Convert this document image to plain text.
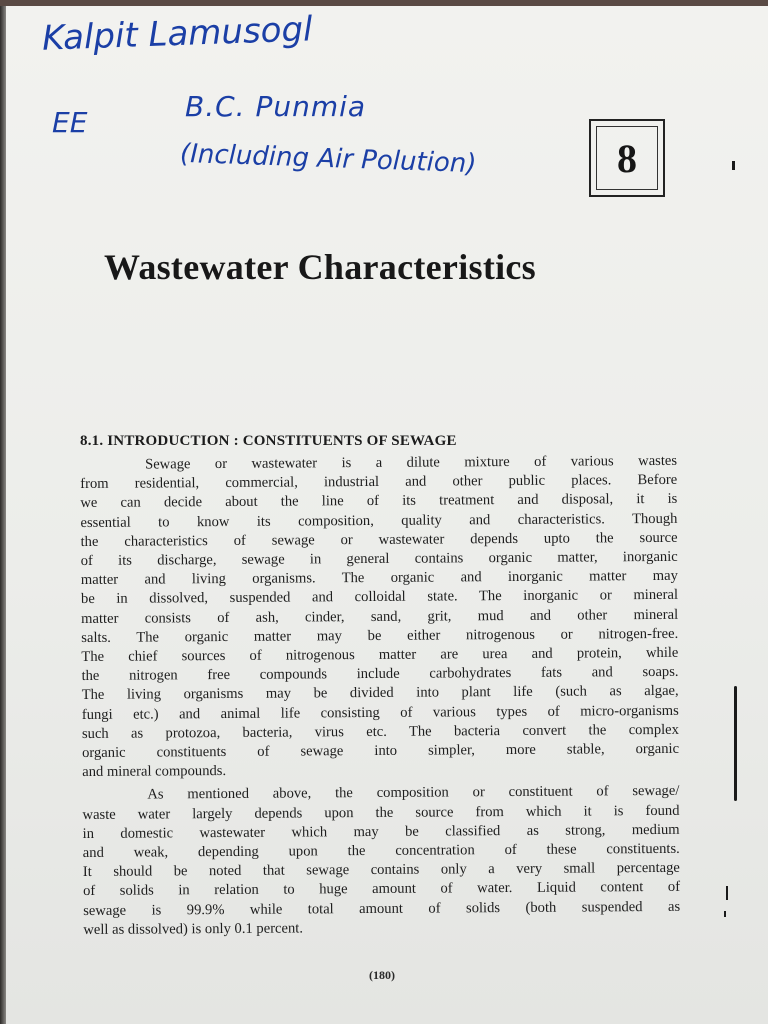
Kalpit Lamusogl
EE	B.C. Punmia
(Including Air Polution)	8
Wastewater Characteristics
8.1. INTRODUCTION : CONSTITUENTS OF SEWAGE
Sewage or wastewater is a dilute mixture of various wastes
from residential, commercial, industrial and other public places. Before
we can decide about the line of its treatment and disposal, it is
essential to know its composition, quality and characteristics. Though
the characteristics of sewage or wastewater depends upto the source
of its discharge, sewage in general contains organic matter, inorganic
matter and living organisms. The organic and inorganic matter may
be in dissolved, suspended and colloidal state. The inorganic or mineral
matter consists of ash, cinder, sand, grit, mud and other mineral
salts. The organic matter may be either nitrogenous or nitrogen-free.
The chief sources of nitrogenous matter are urea and protein, while
the nitrogen free compounds include carbohydrates fats and soaps.
The living organisms may be divided into plant life (such as algae,
fungi etc.) and animal life consisting of various types of micro-organisms
such as protozoa, bacteria, virus etc. The bacteria convert the complex
organic constituents of sewage into simpler, more stable, organic
and mineral compounds.
As mentioned above, the composition or constituent of sewage/
waste water largely depends upon the source from which it is found
in domestic wastewater which may be classified as strong, medium
and weak, depending upon the concentration of these constituents.
It should be noted that sewage contains only a very small percentage
of solids in relation to huge amount of water. Liquid content of
sewage is 99.9% while total amount of solids (both suspended as
well as dissolved) is only 0.1 percent.
(180)
